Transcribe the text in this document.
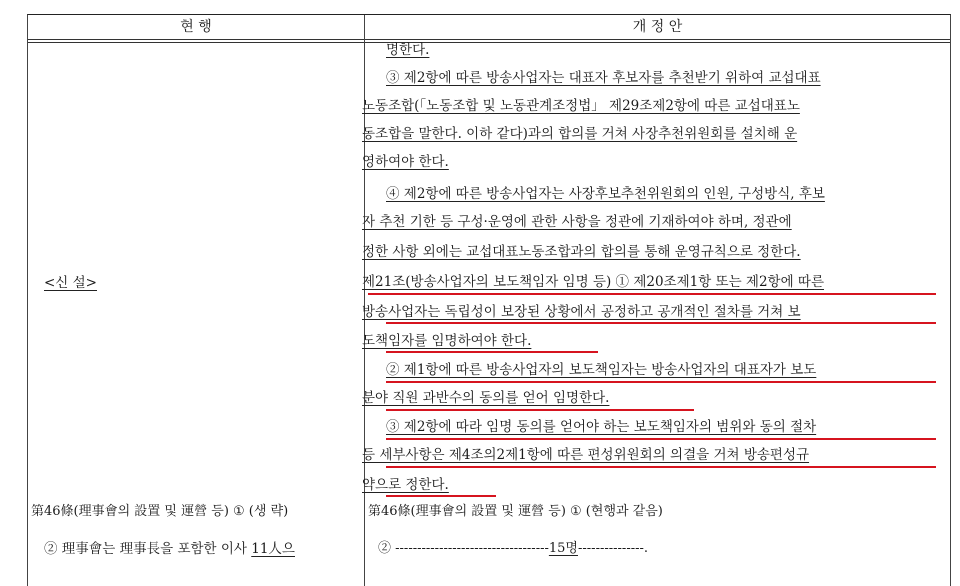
현 행	개 정 안
명한다.
③ 제2항에 따른 방송사업자는 대표자 후보자를 추천받기 위하여 교섭대표
노동조합(「노동조합 및 노동관계조정법」 제29조제2항에 따른 교섭대표노
동조합을 말한다. 이하 같다)과의 합의를 거쳐 사장추천위원회를 설치해 운
영하여야 한다.
④ 제2항에 따른 방송사업자는 사장후보추천위원회의 인원, 구성방식, 후보
자 추천 기한 등 구성·운영에 관한 사항을 정관에 기재하여야 하며, 정관에
정한 사항 외에는 교섭대표노동조합과의 합의를 통해 운영규칙으로 정한다.
제21조(방송사업자의 보도책임자 임명 등) ① 제20조제1항 또는 제2항에 따른
방송사업자는 독립성이 보장된 상황에서 공정하고 공개적인 절차를 거쳐 보
도책임자를 임명하여야 한다.
② 제1항에 따른 방송사업자의 보도책임자는 방송사업자의 대표자가 보도
분야 직원 과반수의 동의를 얻어 임명한다.
③ 제2항에 따라 임명 동의를 얻어야 하는 보도책임자의 범위와 동의 절차
등 세부사항은 제4조의2제1항에 따른 편성위원회의 의결을 거쳐 방송편성규
약으로 정한다.
<신 설>
第46條(理事會의 設置 및 運營 등) ① (생 략)
② 理事會는 理事長을 포함한 이사 11人으
第46條(理事會의 設置 및 運營 등) ① (현행과 같음)
② -----------------------------------15명---------------.
